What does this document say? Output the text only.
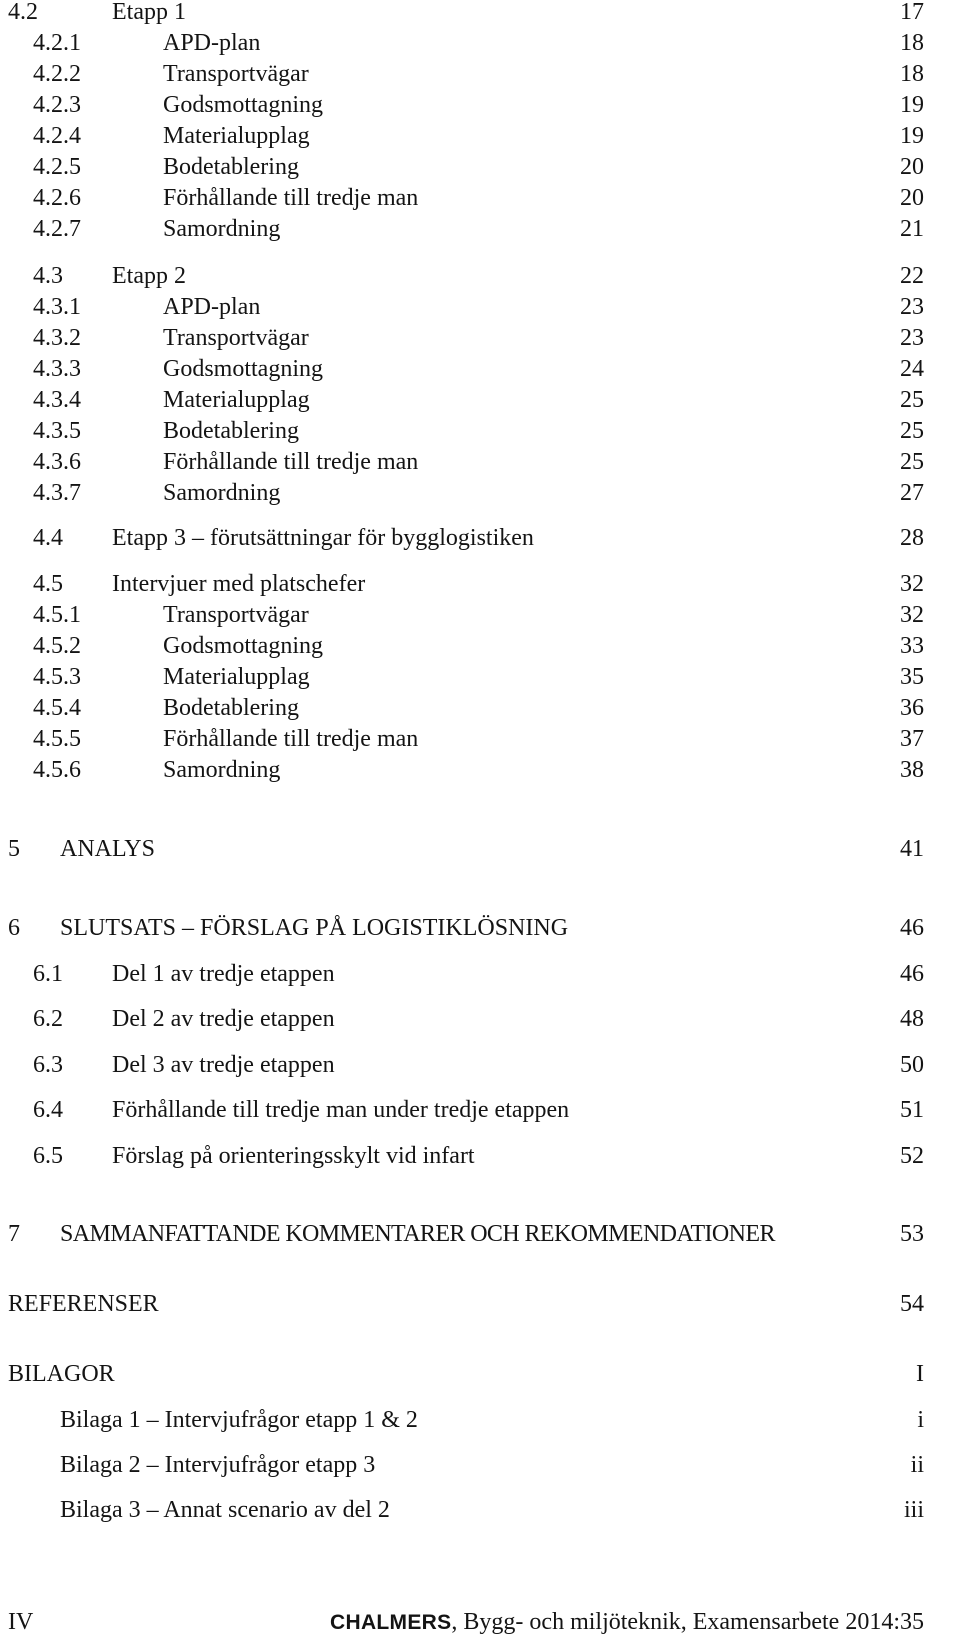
4.2	Etapp 1	17
4.2.1	APD-plan	18
4.2.2	Transportvägar	18
4.2.3	Godsmottagning	19
4.2.4	Materialupplag	19
4.2.5	Bodetablering	20
4.2.6	Förhållande till tredje man	20
4.2.7	Samordning	21
4.3 Etapp 2	22
4.3.1	APD-plan	23
4.3.2	Transportvägar	23
4.3.3	Godsmottagning	24
4.3.4	Materialupplag	25
4.3.5	Bodetablering	25
4.3.6	Förhållande till tredje man	25
4.3.7	Samordning	27
4.4 Etapp 3 – förutsättningar för bygglogistiken	28
4.5 Intervjuer med platschefer	32
4.5.1	Transportvägar	32
4.5.2	Godsmottagning	33
4.5.3	Materialupplag	35
4.5.4	Bodetablering	36
4.5.5	Förhållande till tredje man	37
4.5.6	Samordning	38
5 ANALYS	41
6 SLUTSATS – FÖRSLAG PÅ LOGISTIKLÖSNING	46
6.1 Del 1 av tredje etappen	46
6.2 Del 2 av tredje etappen	48
6.3 Del 3 av tredje etappen	50
6.4 Förhållande till tredje man under tredje etappen	51
6.5 Förslag på orienteringsskylt vid infart	52
7 SAMMANFATTANDE KOMMENTARER OCH REKOMMENDATIONER	53
REFERENSER	54
BILAGOR	I
Bilaga 1 – Intervjufrågor etapp 1 & 2	i
Bilaga 2 – Intervjufrågor etapp 3	ii
Bilaga 3 – Annat scenario av del 2	iii
IV	CHALMERS, Bygg- och miljöteknik, Examensarbete 2014:35
